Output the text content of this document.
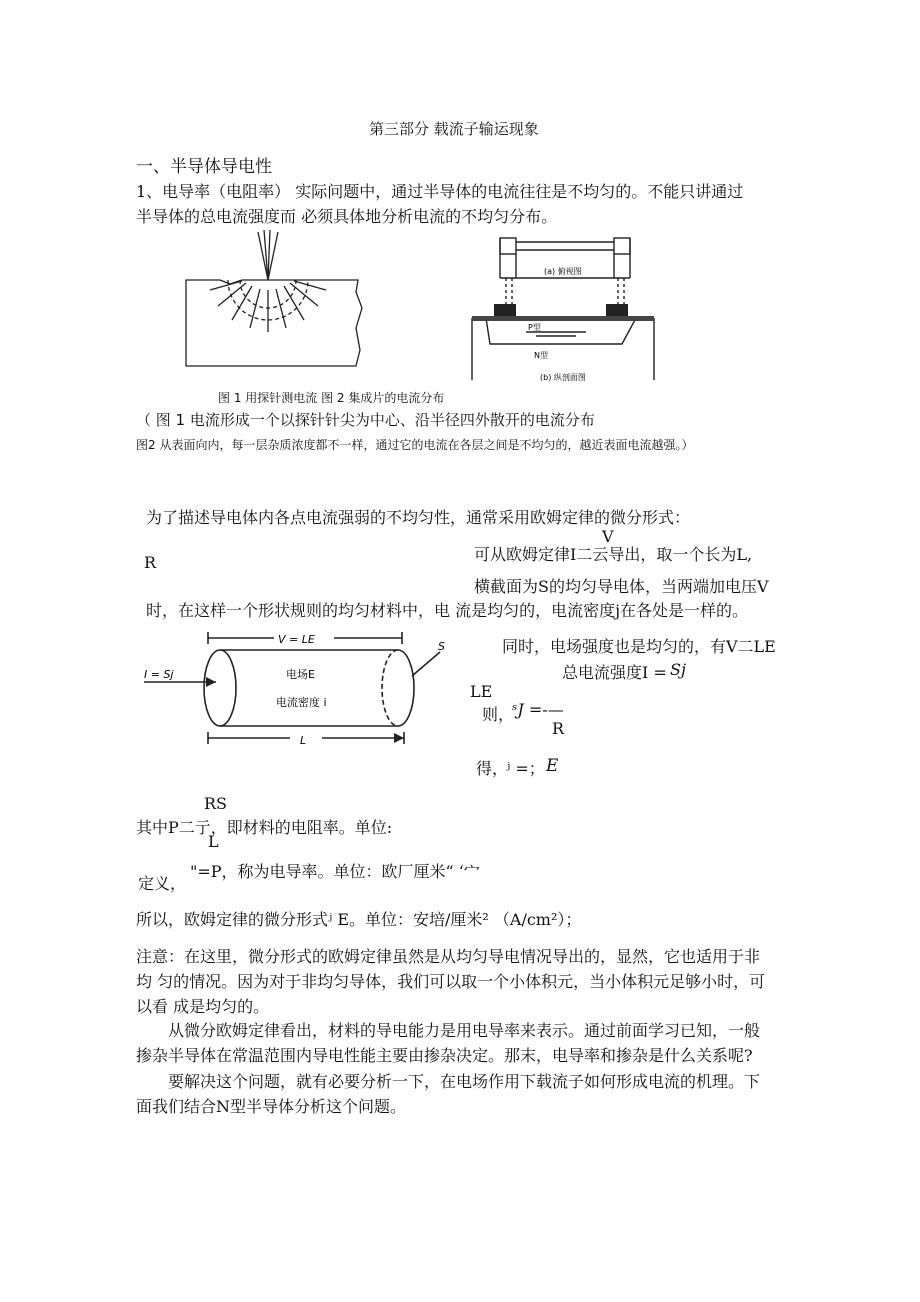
第三部分 载流子输运现象
一、半导体导电性
1、电导率（电阻率） 实际问题中，通过半导体的电流往往是不均匀的。不能只讲通过
半导体的总电流强度而 必须具体地分析电流的不均匀分布。
(a) 俯视图
P型
N型
(b) 纵剖面图
图 1 用探针测电流 图 2 集成片的电流分布
（ 图 1 电流形成一个以探针针尖为中心、沿半径四外散开的电流分布
图2 从表面向内，每一层杂质浓度都不一样，通过它的电流在各层之间是不均匀的，越近表面电流越强。）
为了描述导电体内各点电流强弱的不均匀性，通常采用欧姆定律的微分形式：
V
R	可从欧姆定律I二云导出，取一个长为L,
横截面为S的均匀导电体，当两端加电压V
时，在这样一个形状规则的均匀材料中，电 流是均匀的，电流密度j在各处是一样的。
V = LE
I = Sj	电场E
电流密度 i
S
L
同时，电场强度也是均匀的，有V二LE
总电流强度I = Sj
LE
则，
ˢJ =-—
R
得，
ʲ =； E
RS
其中P二亍，即材料的电阻率。单位:
L
定义，
"=P，称为电导率。单位：欧厂厘米“ ‘宀
所以，欧姆定律的微分形式ʲ E。单位：安培/厘米² （A/cm²）；
注意：在这里，微分形式的欧姆定律虽然是从均匀导电情况导出的，显然，它也适用于非
均 匀的情况。因为对于非均匀导体，我们可以取一个小体积元，当小体积元足够小时，可
以看 成是均匀的。
从微分欧姆定律看出，材料的导电能力是用电导率来表示。通过前面学习已知，一般
掺杂半导体在常温范围内导电性能主要由掺杂决定。那末，电导率和掺杂是什么关系呢?
要解决这个问题，就有必要分析一下，在电场作用下载流子如何形成电流的机理。下
面我们结合N型半导体分析这个问题。
